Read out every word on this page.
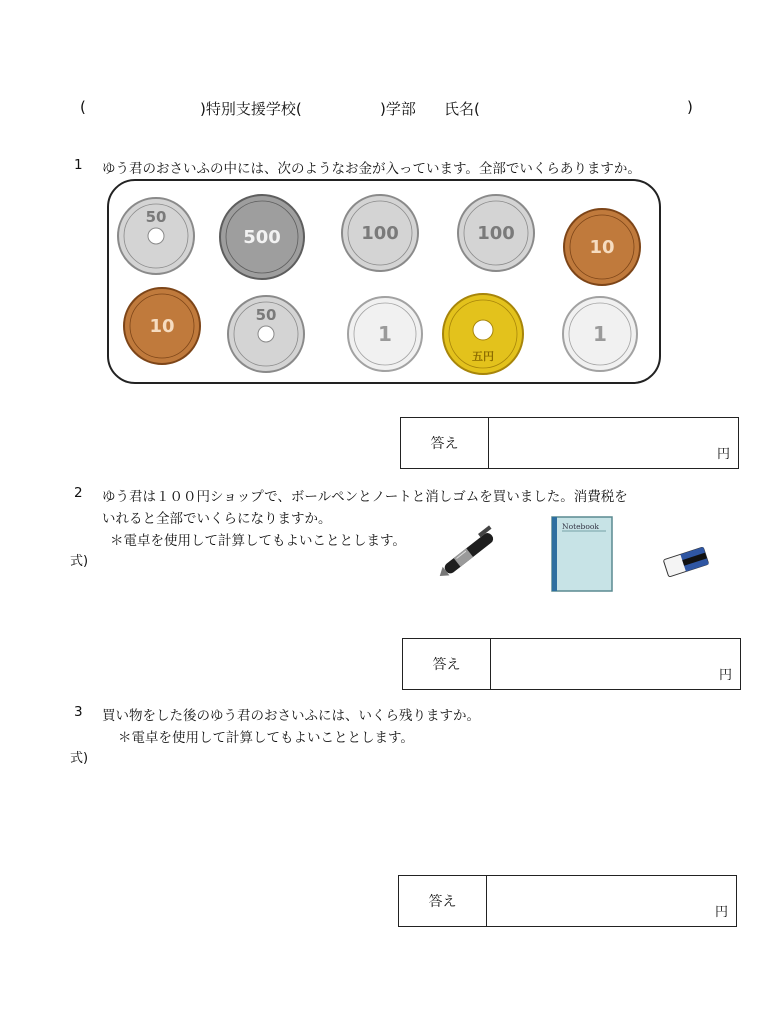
(	)特別支援学校(	)学部 氏名(	)
1 ゆう君のおさいふの中には、次のようなお金が入っています。全部でいくらありますか。
50
500	100	100
10
10
50
1
五円
1
答え
円
2 ゆう君は１００円ショップで、ボールペンとノートと消しゴムを買いました。消費税を
いれると全部でいくらになりますか。
＊電卓を使用して計算してもよいこととします。
式)
Notebook
答え
円
3 買い物をした後のゆう君のおさいふには、いくら残りますか。
＊電卓を使用して計算してもよいこととします。
式)
答え
円
